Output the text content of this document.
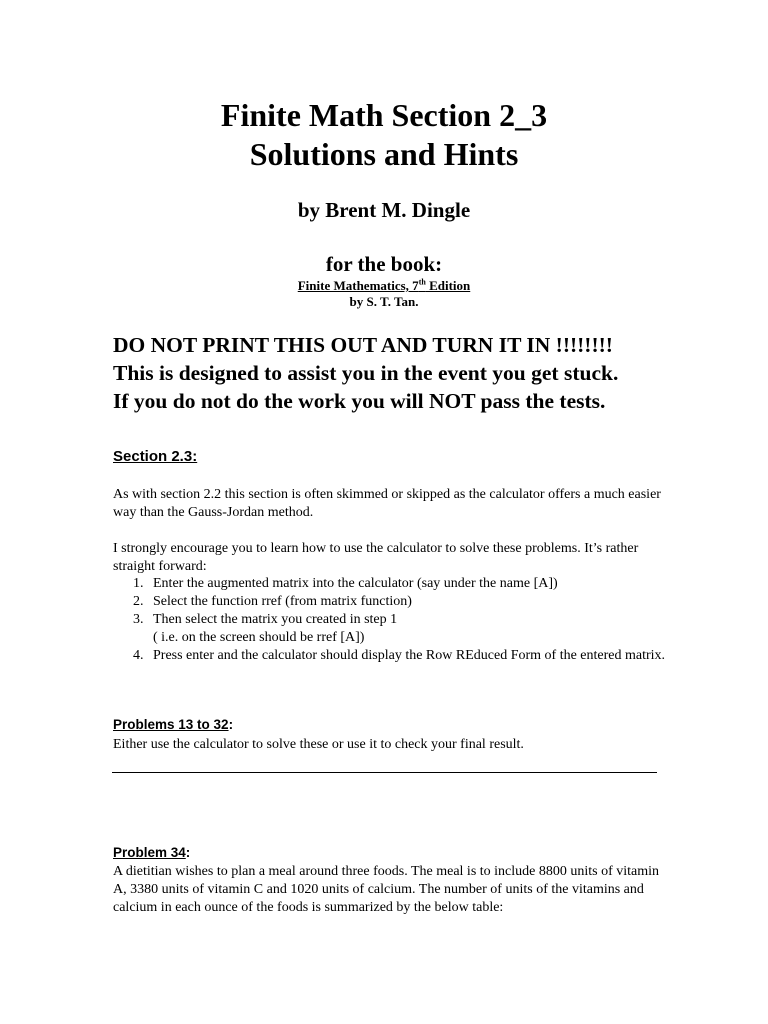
Finite Math Section 2_3
Solutions and Hints
by Brent M. Dingle
for the book:
Finite Mathematics, 7th Edition
by S. T. Tan.
DO NOT PRINT THIS OUT AND TURN IT IN !!!!!!!!
This is designed to assist you in the event you get stuck.
If you do not do the work you will NOT pass the tests.
Section 2.3:
As with section 2.2 this section is often skimmed or skipped as the calculator offers a much easier way than the Gauss-Jordan method.
I strongly encourage you to learn how to use the calculator to solve these problems. It’s rather straight forward:
1. Enter the augmented matrix into the calculator (say under the name [A])
2. Select the function rref (from matrix function)
3. Then select the matrix you created in step 1
( i.e. on the screen should be rref [A])
4. Press enter and the calculator should display the Row REduced Form of the entered matrix.
Problems 13 to 32:
Either use the calculator to solve these or use it to check your final result.
Problem 34:
A dietitian wishes to plan a meal around three foods. The meal is to include 8800 units of vitamin A, 3380 units of vitamin C and 1020 units of calcium. The number of units of the vitamins and calcium in each ounce of the foods is summarized by the below table:
